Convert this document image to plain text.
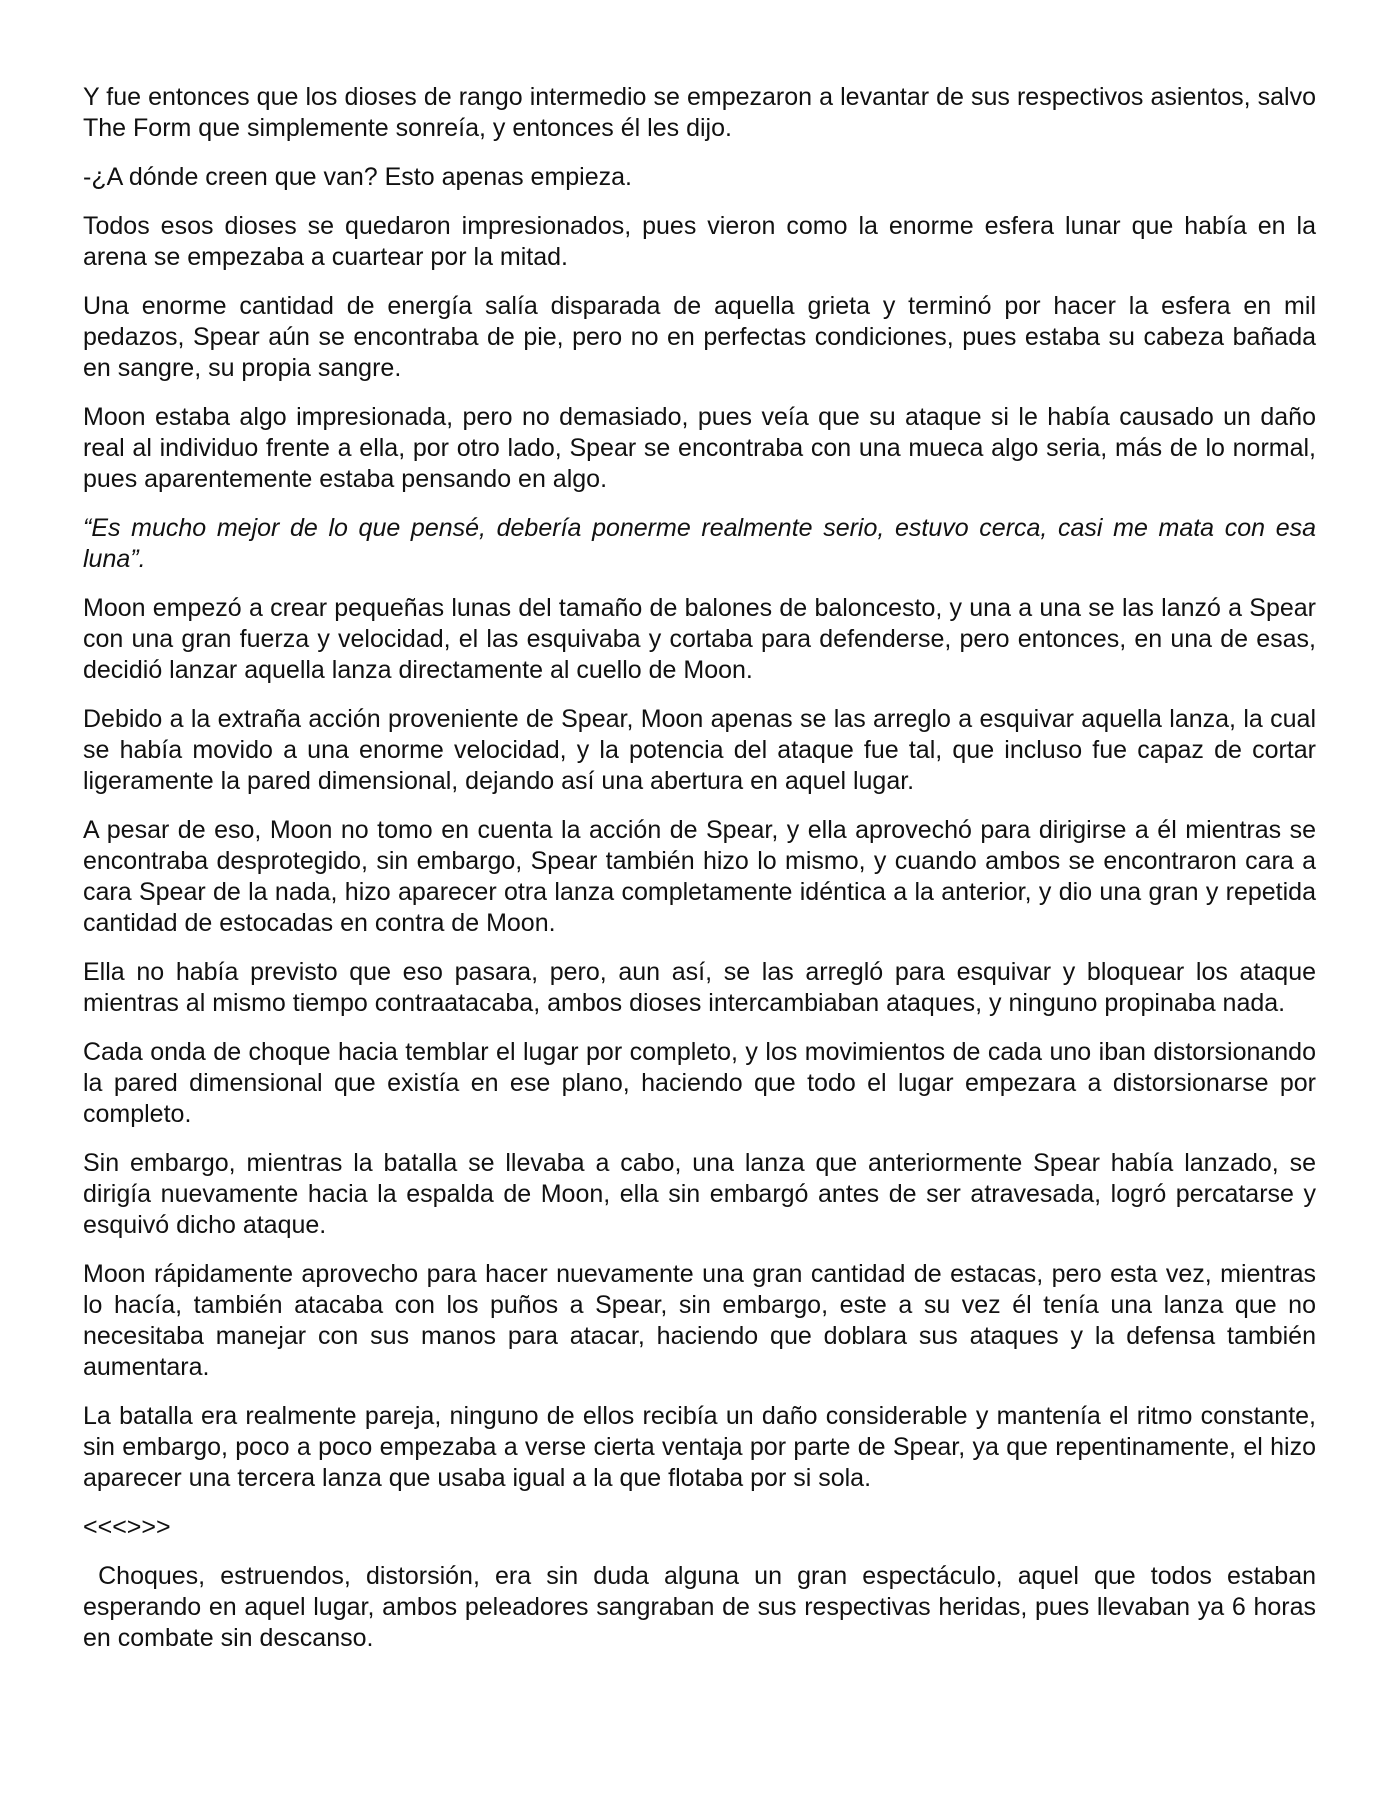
Y fue entonces que los dioses de rango intermedio se empezaron a levantar de sus respectivos asientos, salvo The Form que simplemente sonreía, y entonces él les dijo.

-¿A dónde creen que van? Esto apenas empieza.

Todos esos dioses se quedaron impresionados, pues vieron como la enorme esfera lunar que había en la arena se empezaba a cuartear por la mitad.

Una enorme cantidad de energía salía disparada de aquella grieta y terminó por hacer la esfera en mil pedazos, Spear aún se encontraba de pie, pero no en perfectas condiciones, pues estaba su cabeza bañada en sangre, su propia sangre.

Moon estaba algo impresionada, pero no demasiado, pues veía que su ataque si le había causado un daño real al individuo frente a ella, por otro lado, Spear se encontraba con una mueca algo seria, más de lo normal, pues aparentemente estaba pensando en algo.

“Es mucho mejor de lo que pensé, debería ponerme realmente serio, estuvo cerca, casi me mata con esa luna”.

Moon empezó a crear pequeñas lunas del tamaño de balones de baloncesto, y una a una se las lanzó a Spear con una gran fuerza y velocidad, el las esquivaba y cortaba para defenderse, pero entonces, en una de esas, decidió lanzar aquella lanza directamente al cuello de Moon.

Debido a la extraña acción proveniente de Spear, Moon apenas se las arreglo a esquivar aquella lanza, la cual se había movido a una enorme velocidad, y la potencia del ataque fue tal, que incluso fue capaz de cortar ligeramente la pared dimensional, dejando así una abertura en aquel lugar.

A pesar de eso, Moon no tomo en cuenta la acción de Spear, y ella aprovechó para dirigirse a él mientras se encontraba desprotegido, sin embargo, Spear también hizo lo mismo, y cuando ambos se encontraron cara a cara Spear de la nada, hizo aparecer otra lanza completamente idéntica a la anterior, y dio una gran y repetida cantidad de estocadas en contra de Moon.

Ella no había previsto que eso pasara, pero, aun así, se las arregló para esquivar y bloquear los ataque mientras al mismo tiempo contraatacaba, ambos dioses intercambiaban ataques, y ninguno propinaba nada.

Cada onda de choque hacia temblar el lugar por completo, y los movimientos de cada uno iban distorsionando la pared dimensional que existía en ese plano, haciendo que todo el lugar empezara a distorsionarse por completo.

Sin embargo, mientras la batalla se llevaba a cabo, una lanza que anteriormente Spear había lanzado, se dirigía nuevamente hacia la espalda de Moon, ella sin embargó antes de ser atravesada, logró percatarse y esquivó dicho ataque.

Moon rápidamente aprovecho para hacer nuevamente una gran cantidad de estacas, pero esta vez, mientras lo hacía, también atacaba con los puños a Spear, sin embargo, este a su vez él tenía una lanza que no necesitaba manejar con sus manos para atacar, haciendo que doblara sus ataques y la defensa también aumentara.

La batalla era realmente pareja, ninguno de ellos recibía un daño considerable y mantenía el ritmo constante, sin embargo, poco a poco empezaba a verse cierta ventaja por parte de Spear, ya que repentinamente, el hizo aparecer una tercera lanza que usaba igual a la que flotaba por si sola.

<<<>>>

Choques, estruendos, distorsión, era sin duda alguna un gran espectáculo, aquel que todos estaban esperando en aquel lugar, ambos peleadores sangraban de sus respectivas heridas, pues llevaban ya 6 horas en combate sin descanso.
